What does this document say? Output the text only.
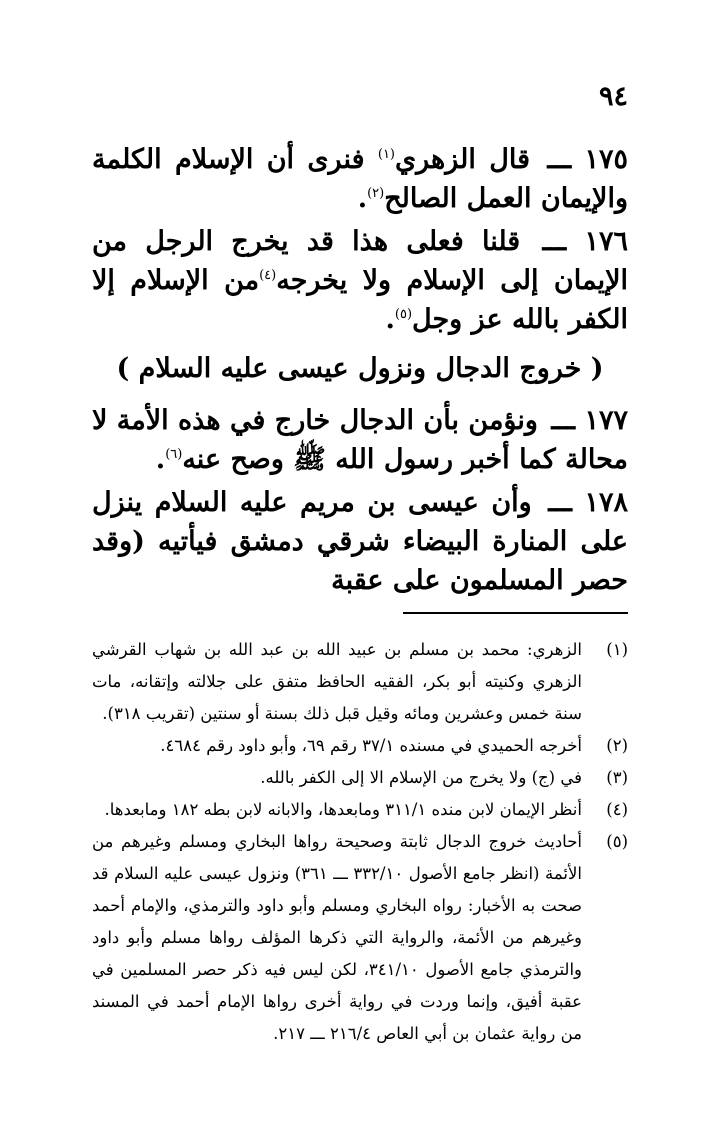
٩٤

١٧٥ ـــ قال الزهري$^{(١)}$ فنرى أن الإسلام الكلمة والإيمان العمل الصالح$^{(٢)}$.

١٧٦ ـــ قلنا فعلى هذا قد يخرج الرجل من الإيمان إلى الإسلام ولا يخرجه$^{(٤)}$من الإسلام إلا الكفر بالله عز وجل$^{(٥)}$.

( خروج الدجال ونزول عيسى عليه السلام )

١٧٧ ـــ ونؤمن بأن الدجال خارج في هذه الأمة لا محالة كما أخبر رسول الله ﷺ وصح عنه$^{(٦)}$.

١٧٨ ـــ وأن عيسى بن مريم عليه السلام ينزل على المنارة البيضاء شرقي دمشق فيأتيه (وقد حصر المسلمون على عقبة

(١)
الزهري: محمد بن مسلم بن عبيد الله بن عبد الله بن شهاب القرشي الزهري وكنيته أبو بكر، الفقيه الحافظ متفق على جلالته وإتقانه، مات سنة خمس وعشرين ومائه وقيل قبل ذلك بسنة أو سنتين (تقريب ٣١٨).
(٢)
أخرجه الحميدي في مسنده ٣٧/١ رقم ٦٩، وأبو داود رقم ٤٦٨٤.
(٣)
في (ج) ولا يخرج من الإسلام الا إلى الكفر بالله.
(٤)
أنظر الإيمان لابن منده ٣١١/١ ومابعدها، والابانه لابن بطه ١٨٢ ومابعدها.
(٥)
أحاديث خروج الدجال ثابتة وصحيحة رواها البخاري ومسلم وغيرهم من الأئمة (انظر جامع الأصول ٣٣٢/١٠ ـــ ٣٦١) ونزول عيسى عليه السلام قد صحت به الأخبار: رواه البخاري ومسلم وأبو داود والترمذي، والإمام أحمد وغيرهم من الأئمة، والرواية التي ذكرها المؤلف رواها مسلم وأبو داود والترمذي جامع الأصول ٣٤١/١٠، لكن ليس فيه ذكر حصر المسلمين في عقبة أفيق، وإنما وردت في رواية أخرى رواها الإمام أحمد في المسند من رواية عثمان بن أبي العاص ٢١٦/٤ ـــ ٢١٧.
